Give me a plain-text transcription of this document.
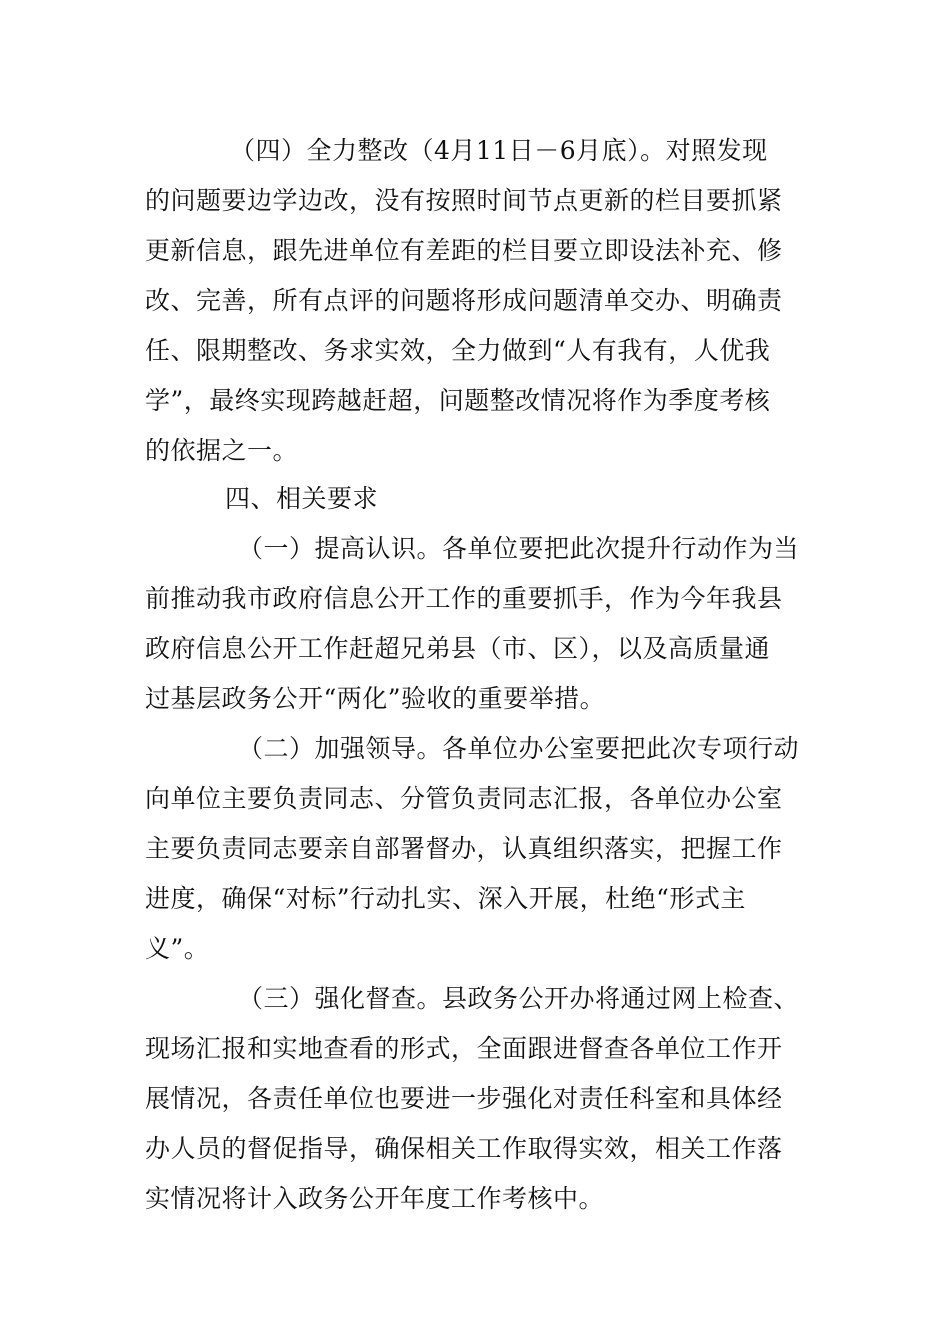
（四）全力整改（4月11日－6月底）。对照发现
的问题要边学边改，没有按照时间节点更新的栏目要抓紧
更新信息，跟先进单位有差距的栏目要立即设法补充、修
改、完善，所有点评的问题将形成问题清单交办、明确责
任、限期整改、务求实效，全力做到“人有我有，人优我
学”，最终实现跨越赶超，问题整改情况将作为季度考核
的依据之一。
四、相关要求
（一）提高认识。各单位要把此次提升行动作为当
前推动我市政府信息公开工作的重要抓手，作为今年我县
政府信息公开工作赶超兄弟县（市、区），以及高质量通
过基层政务公开“两化”验收的重要举措。
（二）加强领导。各单位办公室要把此次专项行动
向单位主要负责同志、分管负责同志汇报，各单位办公室
主要负责同志要亲自部署督办，认真组织落实，把握工作
进度，确保“对标”行动扎实、深入开展，杜绝“形式主
义”。
（三）强化督查。县政务公开办将通过网上检查、
现场汇报和实地查看的形式，全面跟进督查各单位工作开
展情况，各责任单位也要进一步强化对责任科室和具体经
办人员的督促指导，确保相关工作取得实效，相关工作落
实情况将计入政务公开年度工作考核中。
